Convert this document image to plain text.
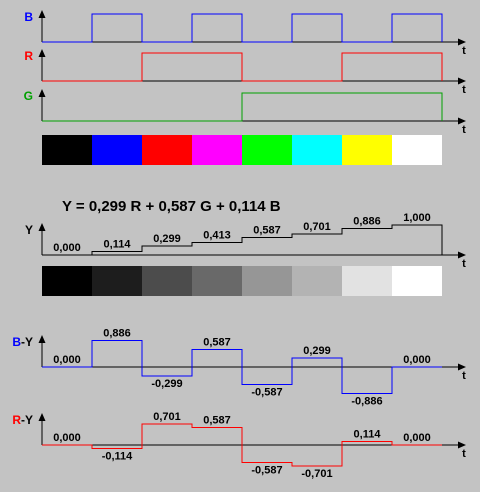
t
B
t
R
t
G
Y = 0,299 R + 0,587 G + 0,114 B
t
Y
0,000 0,114 0,299 0,413 0,587 0,701 0,886 1,000
t
B-Y
0,000
0,886
-0,299
0,587
-0,587
0,299
-0,886
0,000
t
R-Y
0,000
-0,114
0,701 0,587
-0,587 -0,701
0,114 0,000
